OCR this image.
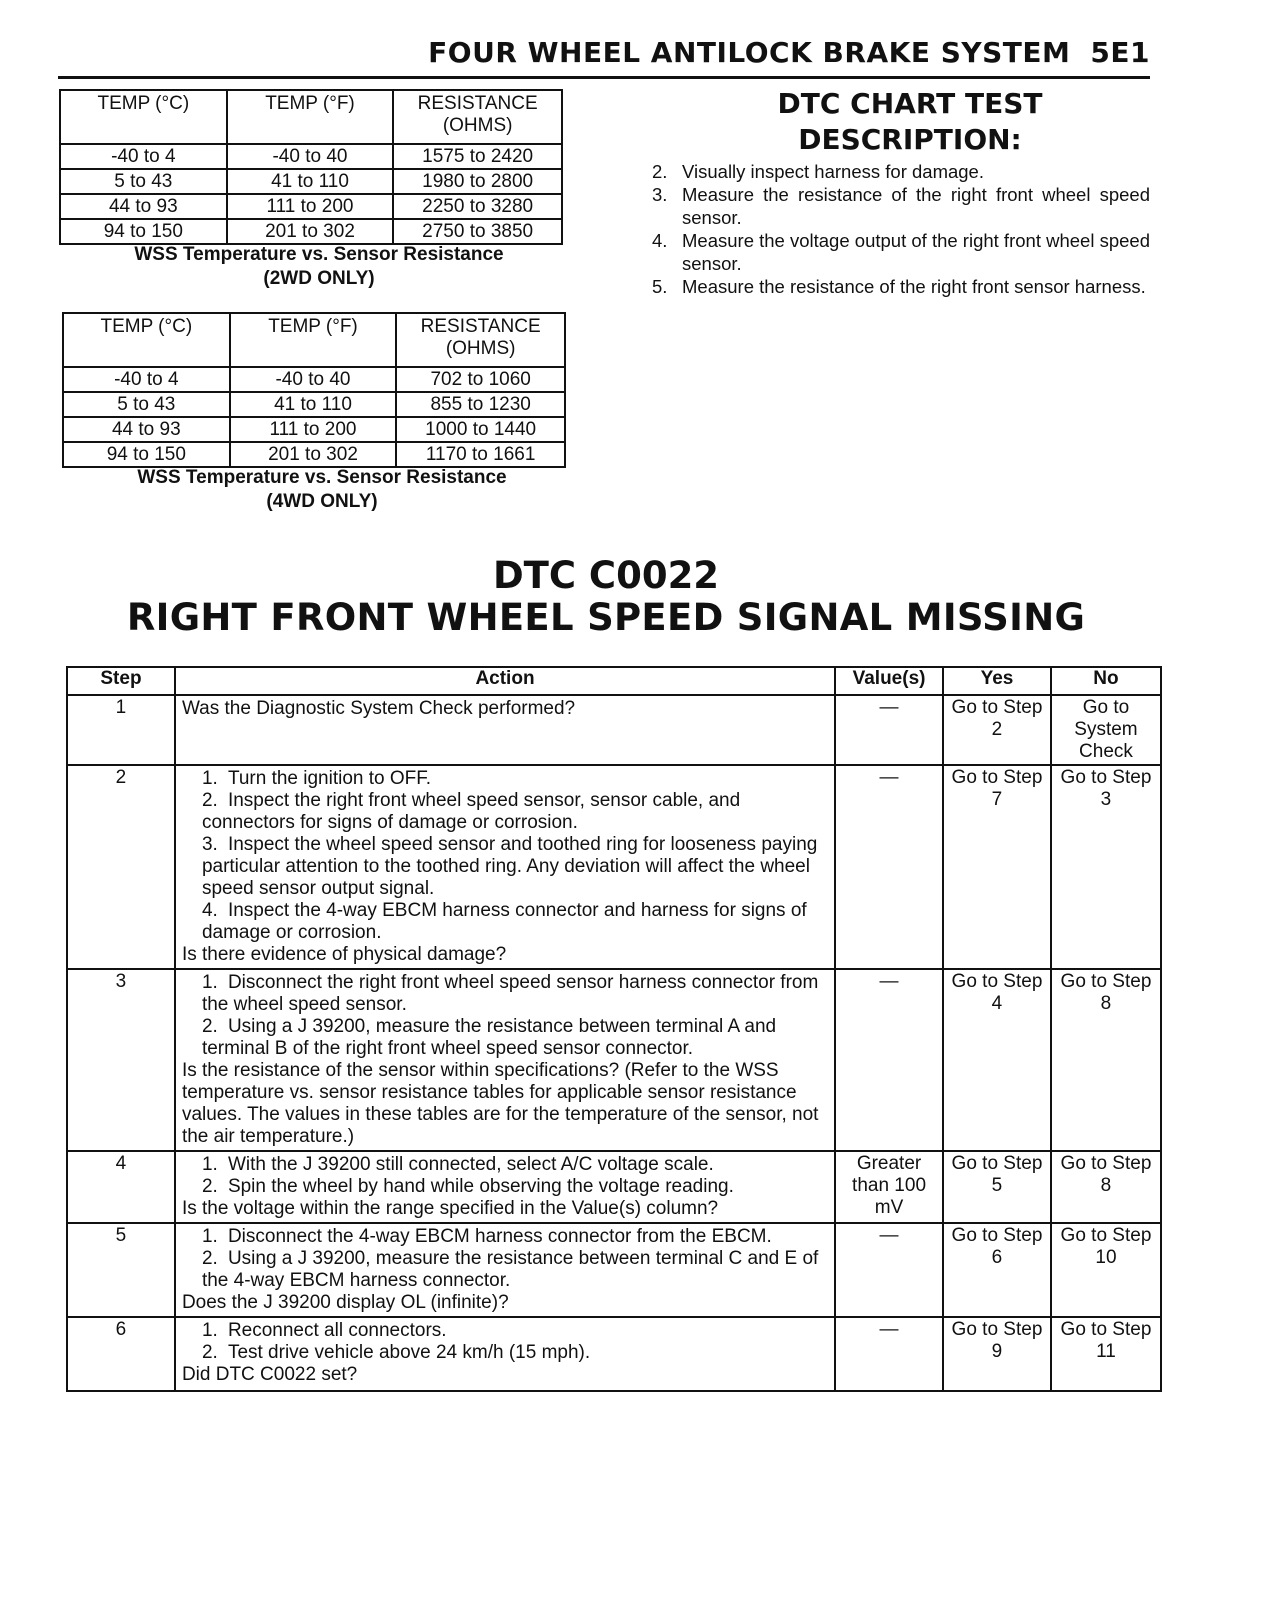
FOUR WHEEL ANTILOCK BRAKE SYSTEM 5E1
TEMP (°C)	TEMP (°F)	RESISTANCE (OHMS)
-40 to 4	-40 to 40	1575 to 2420
5 to 43	41 to 110	1980 to 2800
44 to 93	111 to 200	2250 to 3280
94 to 150	201 to 302	2750 to 3850
WSS Temperature vs. Sensor Resistance
(2WD ONLY)
TEMP (°C)	TEMP (°F)	RESISTANCE (OHMS)
-40 to 4	-40 to 40	702 to 1060
5 to 43	41 to 110	855 to 1230
44 to 93	111 to 200	1000 to 1440
94 to 150	201 to 302	1170 to 1661
WSS Temperature vs. Sensor Resistance
(4WD ONLY)
DTC CHART TEST
DESCRIPTION:
2. Visually inspect harness for damage.
3. Measure the resistance of the right front wheel speed sensor.
4. Measure the voltage output of the right front wheel speed sensor.
5. Measure the resistance of the right front sensor harness.
DTC C0022
RIGHT FRONT WHEEL SPEED SIGNAL MISSING
Step	Action	Value(s)	Yes	No
1	Was the Diagnostic System Check performed?	—	Go to Step 2	Go to System Check
2	1. Turn the ignition to OFF.
2. Inspect the right front wheel speed sensor, sensor cable, and connectors for signs of damage or corrosion.
3. Inspect the wheel speed sensor and toothed ring for looseness paying particular attention to the toothed ring. Any deviation will affect the wheel speed sensor output signal.
4. Inspect the 4-way EBCM harness connector and harness for signs of damage or corrosion.
Is there evidence of physical damage?	—	Go to Step 7	Go to Step 3
3	1. Disconnect the right front wheel speed sensor harness connector from the wheel speed sensor.
2. Using a J 39200, measure the resistance between terminal A and terminal B of the right front wheel speed sensor connector.
Is the resistance of the sensor within specifications? (Refer to the WSS temperature vs. sensor resistance tables for applicable sensor resistance values. The values in these tables are for the temperature of the sensor, not the air temperature.)	—	Go to Step 4	Go to Step 8
4	1. With the J 39200 still connected, select A/C voltage scale.
2. Spin the wheel by hand while observing the voltage reading.
Is the voltage within the range specified in the Value(s) column?	Greater than 100 mV	Go to Step 5	Go to Step 8
5	1. Disconnect the 4-way EBCM harness connector from the EBCM.
2. Using a J 39200, measure the resistance between terminal C and E of the 4-way EBCM harness connector.
Does the J 39200 display OL (infinite)?	—	Go to Step 6	Go to Step 10
6	1. Reconnect all connectors.
2. Test drive vehicle above 24 km/h (15 mph).
Did DTC C0022 set?	—	Go to Step 9	Go to Step 11
